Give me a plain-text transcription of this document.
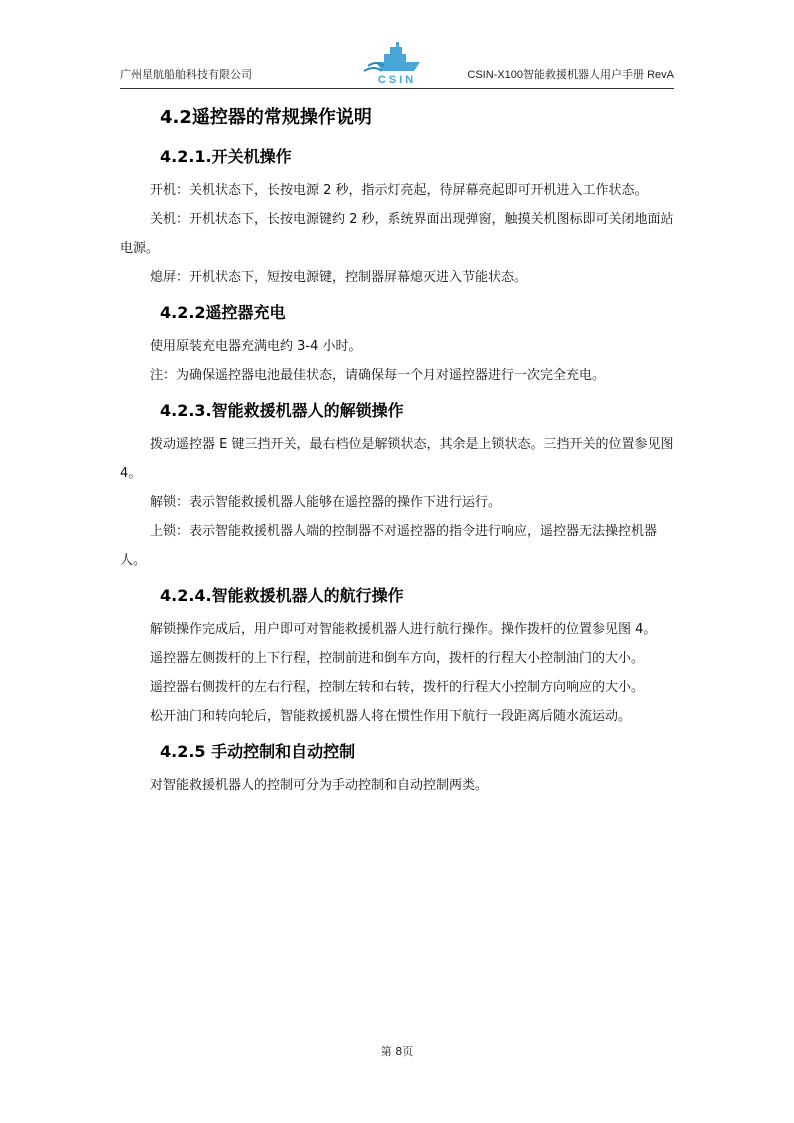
广州星航船舶科技有限公司	CSIN	CSIN-X100智能救援机器人用户手册 RevA
4.2遥控器的常规操作说明
4.2.1.开关机操作

开机：关机状态下，长按电源 2 秒，指示灯亮起，待屏幕亮起即可开机进入工作状态。

关机：开机状态下，长按电源键约 2 秒，系统界面出现弹窗，触摸关机图标即可关闭地面站电源。

熄屏：开机状态下，短按电源键，控制器屏幕熄灭进入节能状态。

4.2.2遥控器充电

使用原装充电器充满电约 3-4 小时。

注：为确保遥控器电池最佳状态，请确保每一个月对遥控器进行一次完全充电。

4.2.3.智能救援机器人的解锁操作

拨动遥控器 E 键三挡开关，最右档位是解锁状态，其余是上锁状态。三挡开关的位置参见图 4。

解锁：表示智能救援机器人能够在遥控器的操作下进行运行。

上锁：表示智能救援机器人端的控制器不对遥控器的指令进行响应，遥控器无法操控机器人。

4.2.4.智能救援机器人的航行操作

解锁操作完成后，用户即可对智能救援机器人进行航行操作。操作拨杆的位置参见图 4。

遥控器左侧拨杆的上下行程，控制前进和倒车方向，拨杆的行程大小控制油门的大小。

遥控器右侧拨杆的左右行程，控制左转和右转，拨杆的行程大小控制方向响应的大小。

松开油门和转向轮后，智能救援机器人将在惯性作用下航行一段距离后随水流运动。

4.2.5 手动控制和自动控制

对智能救援机器人的控制可分为手动控制和自动控制两类。

第 8页
